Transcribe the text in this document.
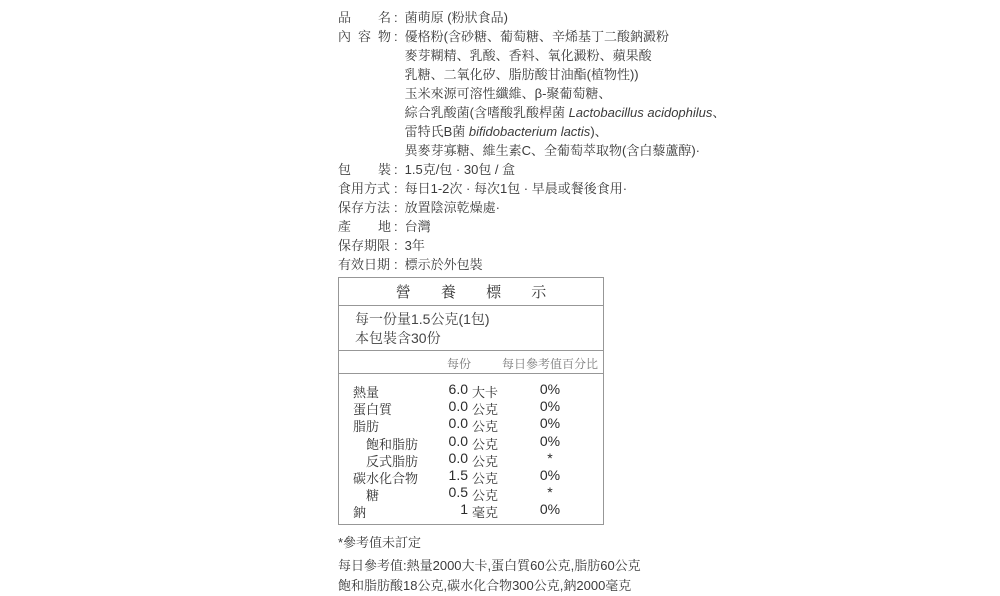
品 名 : 菌萌原 (粉狀食品)
內 容 物 : 優格粉(含砂糖、葡萄糖、辛烯基丁二酸鈉澱粉
麥芽糊精、乳酸、香料、氧化澱粉、蘋果酸
乳糖、二氧化矽、脂肪酸甘油酯(植物性))
玉米來源可溶性纖維、β-聚葡萄糖、
綜合乳酸菌(含嗜酸乳酸桿菌 Lactobacillus acidophilus、
雷特氏B菌 bifidobacterium lactis)、
異麥芽寡糖、維生素C、全葡萄萃取物(含白藜蘆醇)·
包 裝 : 1.5克/包 · 30包 / 盒
食用方式 : 每日1-2次 · 每次1包 · 早晨或餐後食用·
保存方法 : 放置陰涼乾燥處·
產 地 : 台灣
保存期限 : 3年
有效日期 : 標示於外包裝
營 養 標 示
每一份量1.5公克(1包)
本包裝含30份
每份	每日參考值百分比
熱量	6.0 大卡	0%
蛋白質	0.0 公克	0%
脂肪	0.0 公克	0%
飽和脂肪	0.0 公克	0%
反式脂肪	0.0 公克	*
碳水化合物	1.5 公克	0%
糖	0.5 公克	*
鈉	1 毫克	0%
*參考值未訂定
每日參考值:熱量2000大卡,蛋白質60公克,脂肪60公克
飽和脂肪酸18公克,碳水化合物300公克,鈉2000毫克
